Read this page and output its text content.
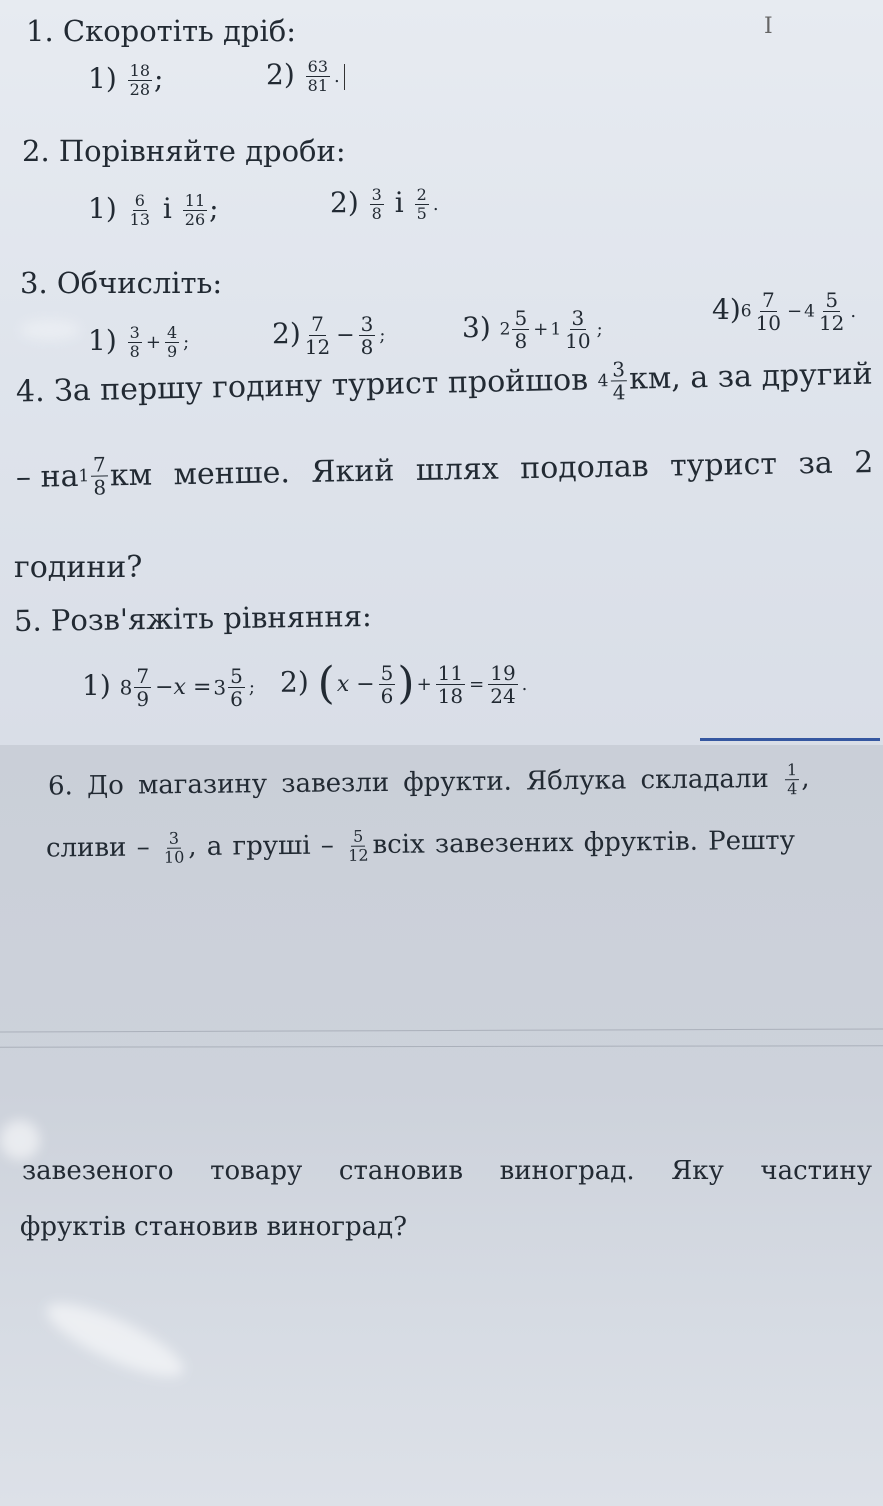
I
1. Скоротіть дріб:
$1) \frac{18}{28}$ ;	$2) \frac{63}{81}$ .
2. Порівняйте дроби:
$1) \frac{6}{13}$ і $\frac{11}{26}$ ;	$2) \frac{3}{8}$ і $\frac{2}{5}$ .
3. Обчисліть:
$1) \frac{3}{8} + \frac{4}{9}$ ;	$2) \frac{7}{12} - \frac{3}{8}$ ;	3) $2 \frac{5}{8} + 1 \frac{3}{10}$ ;
$4)6 \frac{7}{10} - 4 \frac{5}{12}$ .
4. За першу годину турист пройшов $4 \frac{3}{4}$ км, а за другий
– на $1 \frac{7}{8}$ км менше. Який шлях подолав турист за 2
години?
5. Розв'яжіть рівняння:
1) $8 \frac{7}{9} -x = 3 \frac{5}{6}$ ; 2) ($x - \frac{5}{6}$ ) + $\frac{11}{18} = \frac{19}{24}$ .
6. До магазину завезли фрукти. Яблука складали $\frac{1}{4}$ ,
сливи – $\frac{3}{10}$ , а груші – $\frac{5}{12}$ всіх завезених фруктів. Решту
завезеного товару становив виноград. Яку частину
фруктів становив виноград?
